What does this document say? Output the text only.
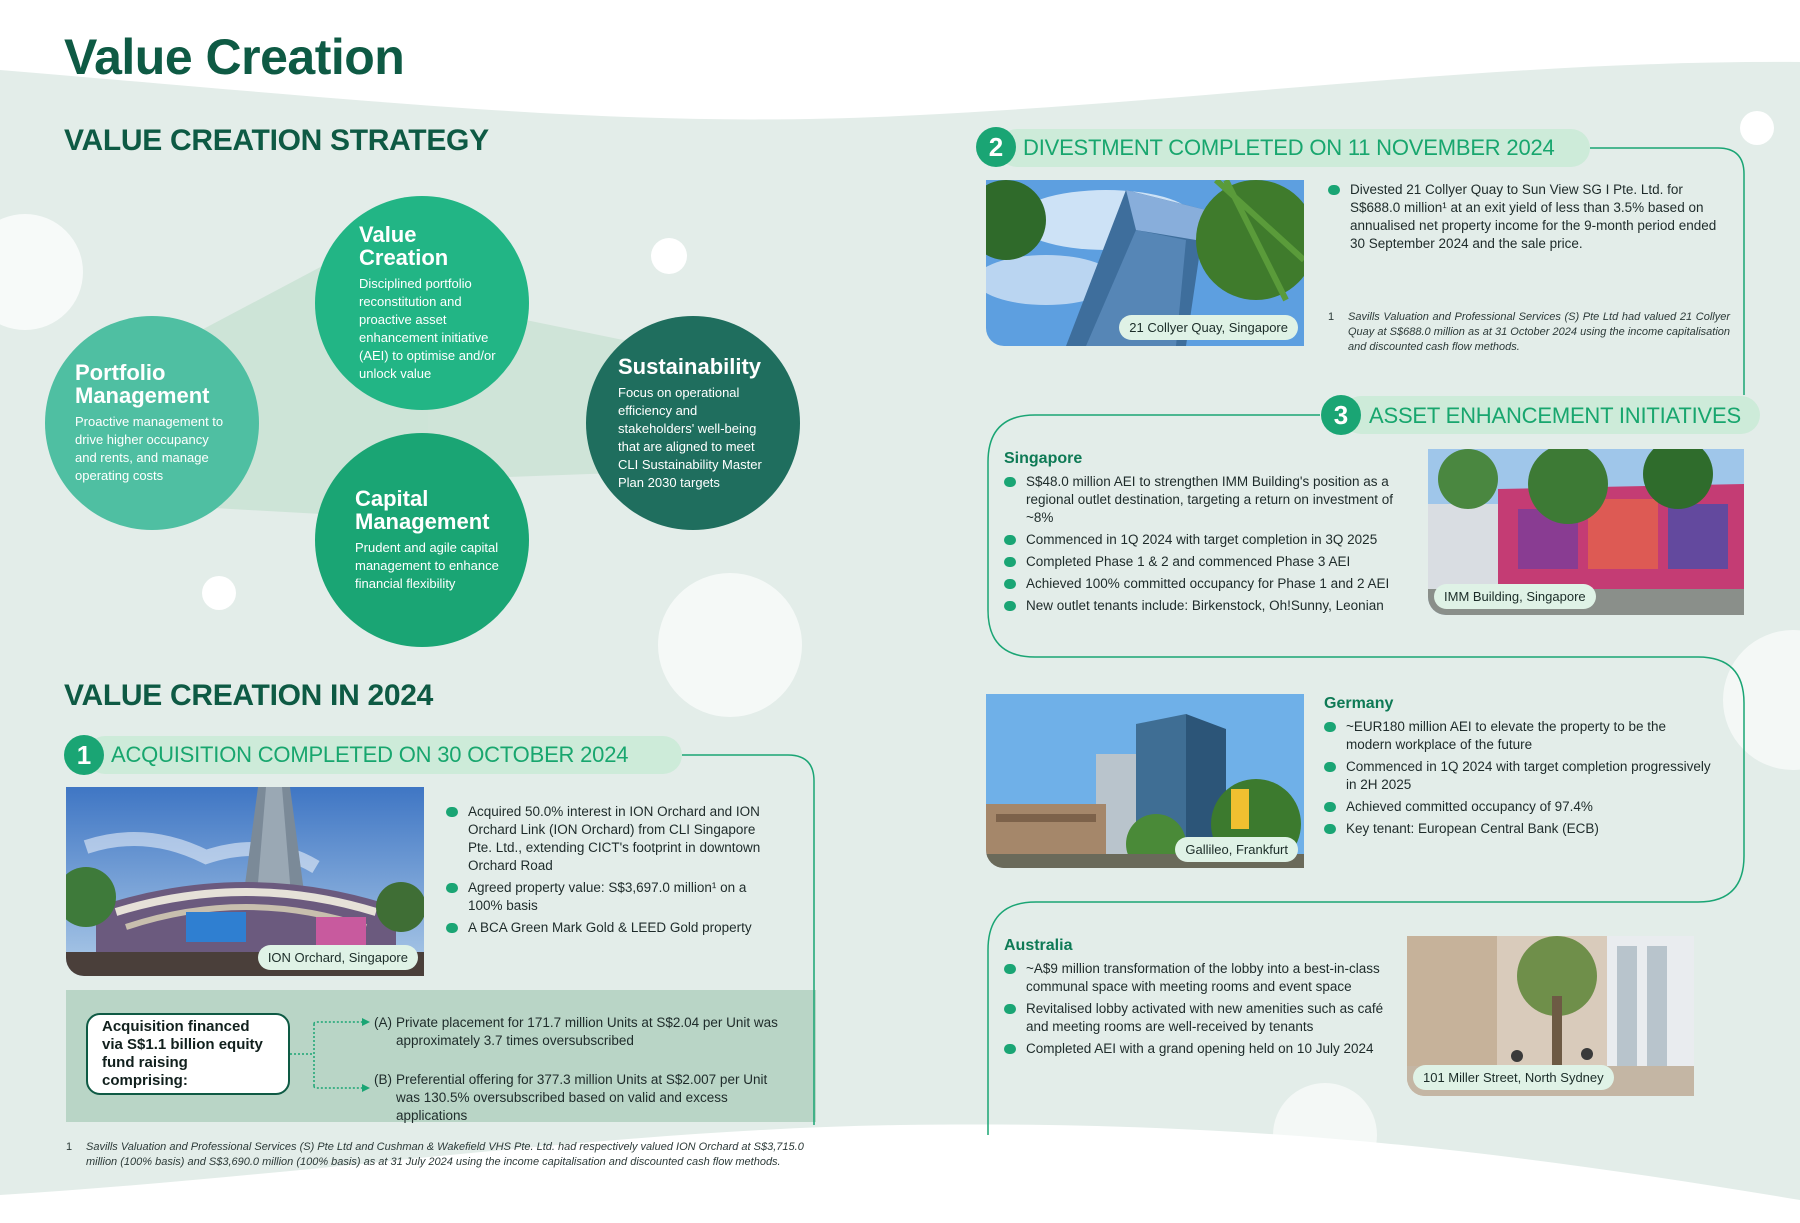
Value Creation
VALUE CREATION STRATEGY
Portfolio Management

Proactive management to drive higher occupancy and rents, and manage operating costs

Value Creation

Disciplined portfolio reconstitution and proactive asset enhancement initiative (AEI) to optimise and/or unlock value

Capital Management

Prudent and agile capital management to enhance financial flexibility

Sustainability

Focus on operational efficiency and stakeholders' well-being that are aligned to meet CLI Sustainability Master Plan 2030 targets

VALUE CREATION IN 2024
1 ACQUISITION COMPLETED ON 30 OCTOBER 2024
ION Orchard, Singapore
Acquired 50.0% interest in ION Orchard and ION Orchard Link (ION Orchard) from CLI Singapore Pte. Ltd., extending CICT's footprint in downtown Orchard Road
Agreed property value: S$3,697.0 million¹ on a 100% basis
A BCA Green Mark Gold & LEED Gold property
Acquisition financed via S$1.1 billion equity fund raising comprising:
(A) Private placement for 171.7 million Units at S$2.04 per Unit was approximately 3.7 times oversubscribed
(B) Preferential offering for 377.3 million Units at S$2.007 per Unit was 130.5% oversubscribed based on valid and excess applications
1	Savills Valuation and Professional Services (S) Pte Ltd and Cushman & Wakefield VHS Pte. Ltd. had respectively valued ION Orchard at S$3,715.0 million (100% basis) and S$3,690.0 million (100% basis) as at 31 July 2024 using the income capitalisation and discounted cash flow methods.
2 DIVESTMENT COMPLETED ON 11 NOVEMBER 2024
21 Collyer Quay, Singapore
Divested 21 Collyer Quay to Sun View SG I Pte. Ltd. for S$688.0 million¹ at an exit yield of less than 3.5% based on annualised net property income for the 9-month period ended 30 September 2024 and the sale price.
1	Savills Valuation and Professional Services (S) Pte Ltd had valued 21 Collyer Quay at S$688.0 million as at 31 October 2024 using the income capitalisation and discounted cash flow methods.
3 ASSET ENHANCEMENT INITIATIVES
Singapore
S$48.0 million AEI to strengthen IMM Building's position as a regional outlet destination, targeting a return on investment of ~8%
Commenced in 1Q 2024 with target completion in 3Q 2025
Completed Phase 1 & 2 and commenced Phase 3 AEI
Achieved 100% committed occupancy for Phase 1 and 2 AEI
New outlet tenants include: Birkenstock, Oh!Sunny, Leonian
IMM Building, Singapore
Gallileo, Frankfurt
Germany
~EUR180 million AEI to elevate the property to be the modern workplace of the future
Commenced in 1Q 2024 with target completion progressively in 2H 2025
Achieved committed occupancy of 97.4%
Key tenant: European Central Bank (ECB)
Australia
~A$9 million transformation of the lobby into a best-in-class communal space with meeting rooms and event space
Revitalised lobby activated with new amenities such as café and meeting rooms are well-received by tenants
Completed AEI with a grand opening held on 10 July 2024
101 Miller Street, North Sydney
